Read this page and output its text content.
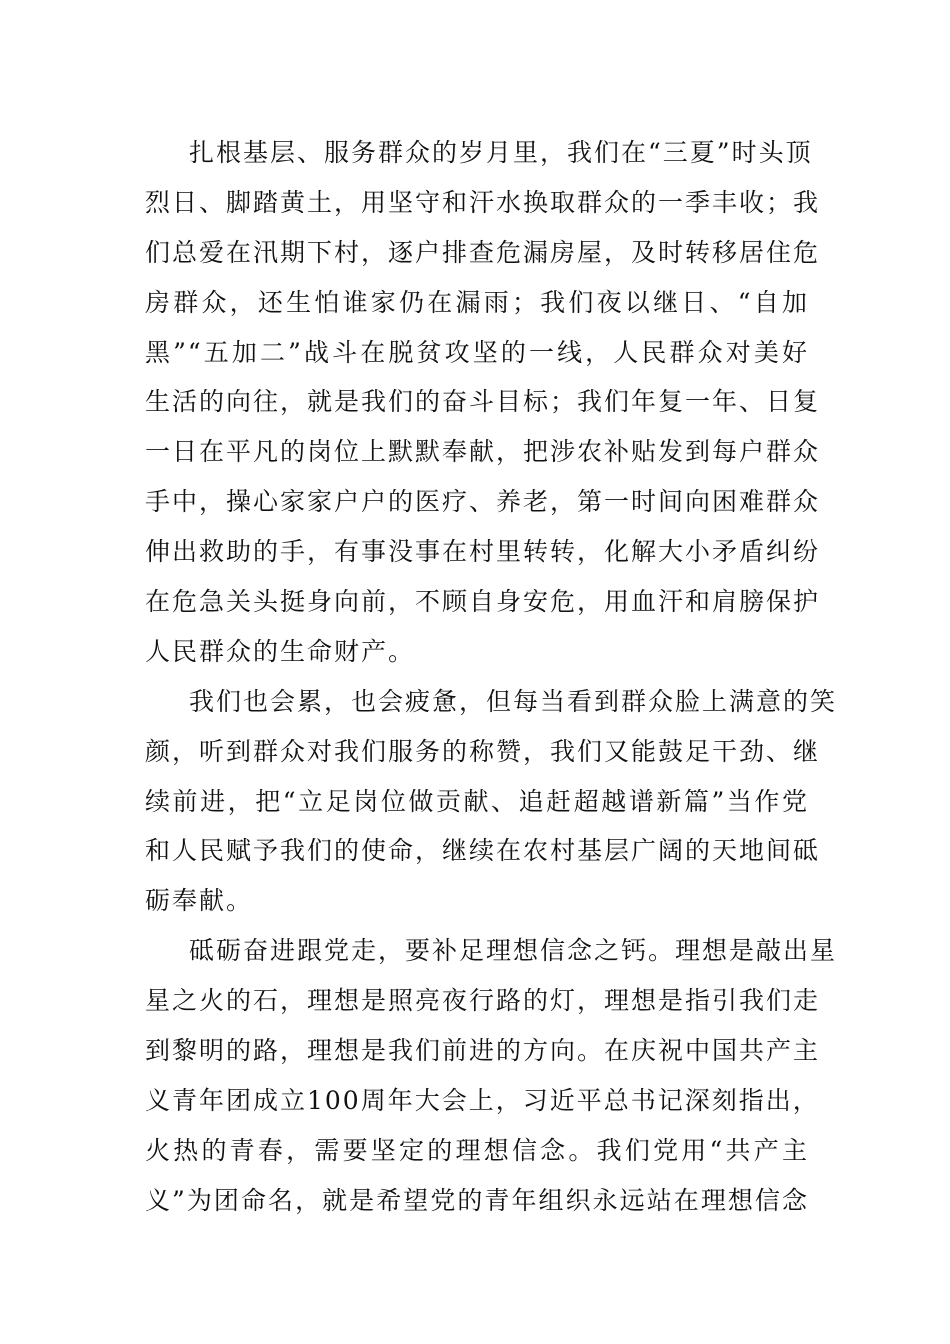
扎根基层、服务群众的岁月里，我们在“三夏”时头顶
烈日、脚踏黄土，用坚守和汗水换取群众的一季丰收；我
们总爱在汛期下村，逐户排查危漏房屋，及时转移居住危
房群众，还生怕谁家仍在漏雨；我们夜以继日、“自加
黑”“五加二”战斗在脱贫攻坚的一线，人民群众对美好
生活的向往，就是我们的奋斗目标；我们年复一年、日复
一日在平凡的岗位上默默奉献，把涉农补贴发到每户群众
手中，操心家家户户的医疗、养老，第一时间向困难群众
伸出救助的手，有事没事在村里转转，化解大小矛盾纠纷
在危急关头挺身向前，不顾自身安危，用血汗和肩膀保护
人民群众的生命财产。
我们也会累，也会疲惫，但每当看到群众脸上满意的笑
颜，听到群众对我们服务的称赞，我们又能鼓足干劲、继
续前进，把“立足岗位做贡献、追赶超越谱新篇”当作党
和人民赋予我们的使命，继续在农村基层广阔的天地间砥
砺奉献。
砥砺奋进跟党走，要补足理想信念之钙。理想是敲出星
星之火的石，理想是照亮夜行路的灯，理想是指引我们走
到黎明的路，理想是我们前进的方向。在庆祝中国共产主
义青年团成立100周年大会上，习近平总书记深刻指出，
火热的青春，需要坚定的理想信念。我们党用“共产主
义”为团命名，就是希望党的青年组织永远站在理想信念
